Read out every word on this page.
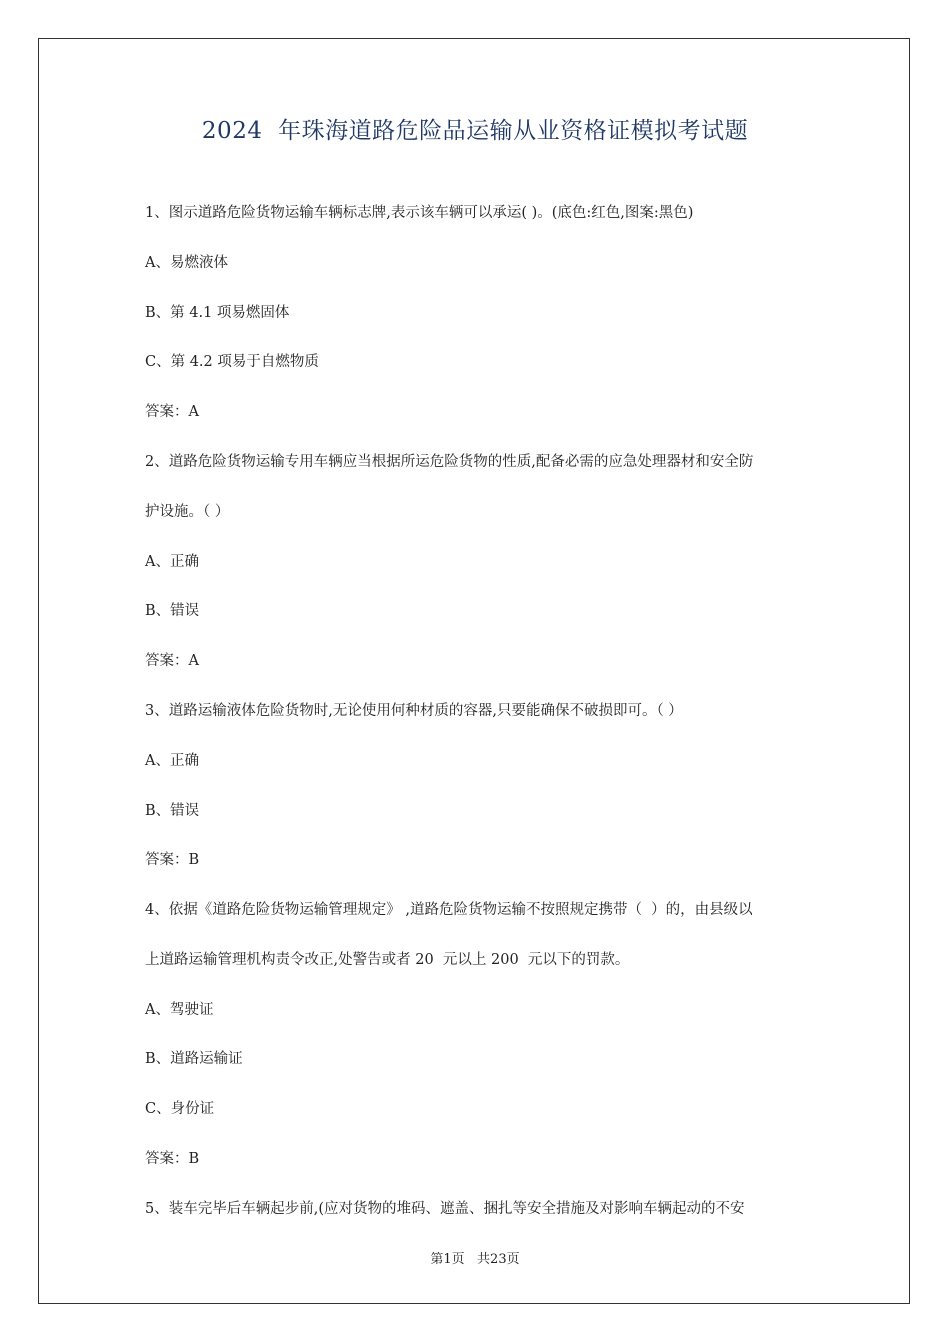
2024  年珠海道路危险品运输从业资格证模拟考试题
1、图示道路危险货物运输车辆标志牌,表示该车辆可以承运( )。(底色:红色,图案:黑色)
A、易燃液体
B、第 4.1 项易燃固体
C、第 4.2 项易于自燃物质
答案：A
2、道路危险货物运输专用车辆应当根据所运危险货物的性质,配备必需的应急处理器材和安全防
护设施。（ ）
A、正确
B、错误
答案：A
3、道路运输液体危险货物时,无论使用何种材质的容器,只要能确保不破损即可。（ ）
A、正确
B、错误
答案：B
4、依据《道路危险货物运输管理规定》 ,道路危险货物运输不按照规定携带（  ）的，由县级以
上道路运输管理机构责令改正,处警告或者 20  元以上 200  元以下的罚款。
A、驾驶证
B、道路运输证
C、身份证
答案：B
5、装车完毕后车辆起步前,(应对货物的堆码、遮盖、捆扎等安全措施及对影响车辆起动的不安
第1页   共23页
